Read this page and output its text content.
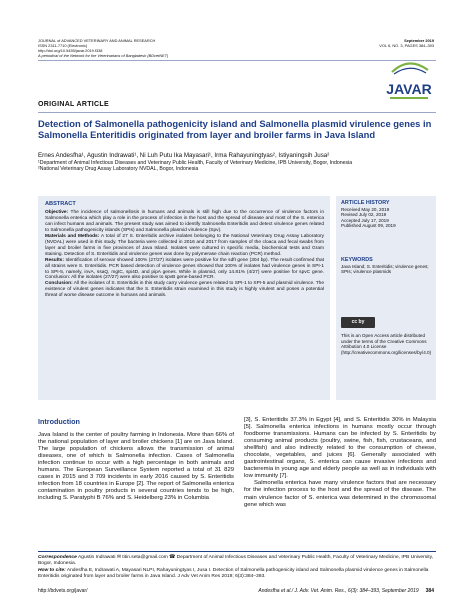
JOURNAL of ADVANCED VETERINARY AND ANIMAL RESEARCH
ISSN 2311-7710 (Electronic)
http://doi.org/10.5455/javar.2019.f338
A periodical of the Network for the Veterinarians of Bangladesh (BDvetNET)
September 2019
VOL 6, NO. 3, PAGES 384–393
JAVAR
ORIGINAL ARTICLE
Detection of Salmonella pathogenicity island and Salmonella plasmid virulence genes in Salmonella Enteritidis originated from layer and broiler farms in Java Island
Ernes Andesfha¹, Agustin Indrawati¹, Ni Luh Putu Ika Mayasari¹, Irma Rahayuningtyas², Istiyaningsih Jusa²
¹Department of Animal Infectious Diseases and Veterinary Public Health, Faculty of Veterinary Medicine, IPB University, Bogor, Indonesia
²National Veterinary Drug Assay Laboratory NVDAL, Bogor, Indonesia
ABSTRACT
Objective: The incidence of salmonellosis in humans and animals is still high due to the occurrence of virulence factors in Salmonella enterica which play a role in the process of infection in the host and the spread of disease and most of the S. enterica can infect humans and animals. The present study was aimed to identify Salmonella Enteritidis and detect virulence genes related to Salmonella pathogenicity islands (SPIs) and Salmonella plasmid virulence (Spv).
Materials and Methods: A total of 27 S. Enteritidis archive isolates belonging to the National Veterinary Drug Assay Laboratory (NVDAL) were used in this study. The bacteria were collected in 2016 and 2017 from samples of the cloaca and fecal swabs from layer and broiler farms in five provinces of Java Island. Isolates were cultured in specific media, biochemical tests and Gram staining. Detection of S. Enteritidis and virulence genes was done by polymerase chain reaction (PCR) method.
Results: Identification of serovar showed 100% (27/27) isolates were positive for the sdfI gene (304 bp). The result confirmed that all strains were S. Enteritidis. PCR based detection of virulence genes showed that 100% of isolates had virulence genes in SPI-1 to SPI-5, namely, invA, ssaQ, mgtC, spi4D, and pipA genes. While in plasmid, only 14.81% (4/27) were positive for spvC gene. Conclusion: All the isolates (27/27) were also positive to spvB gene-based PCR.
Conclusion: All the isolates of S. Enteritidis in this study carry virulence genes related to SPI-1 to SPI-5 and plasmid virulence. The existence of virulent genes indicates that the S. Enteritidis strain examined in this study is highly virulent and poses a potential threat of worse disease outcome in humans and animals.
ARTICLE HISTORY
Received May 20, 2019
Revised July 02, 2019
Accepted July 17, 2019
Published August 09, 2019
KEYWORDS
Java Island; S. Enteritidis; virulence genes; SPIs; virulence plasmids
cc by
This is an Open Access article distributed under the terms of the Creative Commons Attribution 4.0 License (http://creativecommons.org/licenses/by/4.0)
Introduction
Java Island is the center of poultry farming in Indonesia. More than 66% of the national population of layer and broiler chickens [1] are on Java Island. The large population of chickens allows the transmission of animal diseases, one of which is Salmonella infection. Cases of Salmonella infection continue to occur with a high percentage in both animals and humans. The European Surveillance System reported a total of 31 829 cases in 2015 and 3 709 incidents in early 2016 caused by S. Enteritidis infection from 18 countries in Europe [2]. The report of Salmonella enterica contamination in poultry products in several countries tends to be high, including S. Paratyphi B 76% and S. Heidelberg 23% in Columbia
[3], S. Enteritidis 37.3% in Egypt [4], and S. Enteritidis 30% in Malaysia [5]. Salmonella enterica infections in humans mostly occur through foodborne transmissions. Humans can be infected by S. Enteritidis by consuming animal products (poultry, swine, fish, fish, crustaceans, and shellfish) and also indirectly related to the consumption of cheese, chocolate, vegetables, and juices [6]. Generally associated with gastrointestinal organs, S. enterica can cause invasive infections and bacteremia in young age and elderly people as well as in individuals with low immunity [7].
Salmonella enterica have many virulence factors that are necessary for the infection process to the host and the spread of the disease. The main virulence factor of S. enterica was determined in the chromosomal gene which was
Correspondence Agustin Indrawati ✉ titin.seta@gmail.com ☎ Department of Animal Infectious Diseases and Veterinary Public Health, Faculty of Veterinary Medicine, IPB University, Bogor, Indonesia.
How to cite: Andesfha E, Indrawati A, Mayasari NLPI, Rahayuningtyas I, Jusa I. Detection of Salmonella pathogenicity island and Salmonella plasmid virulence genes in Salmonella Enteritidis originated from layer and broiler farms in Java Island. J Adv Vet Anim Res 2019; 6(3):384–393.
http://bdvets.org/javar/	Andesfha et al./ J. Adv. Vet. Anim. Res., 6(3): 384–393, September 2019 384
